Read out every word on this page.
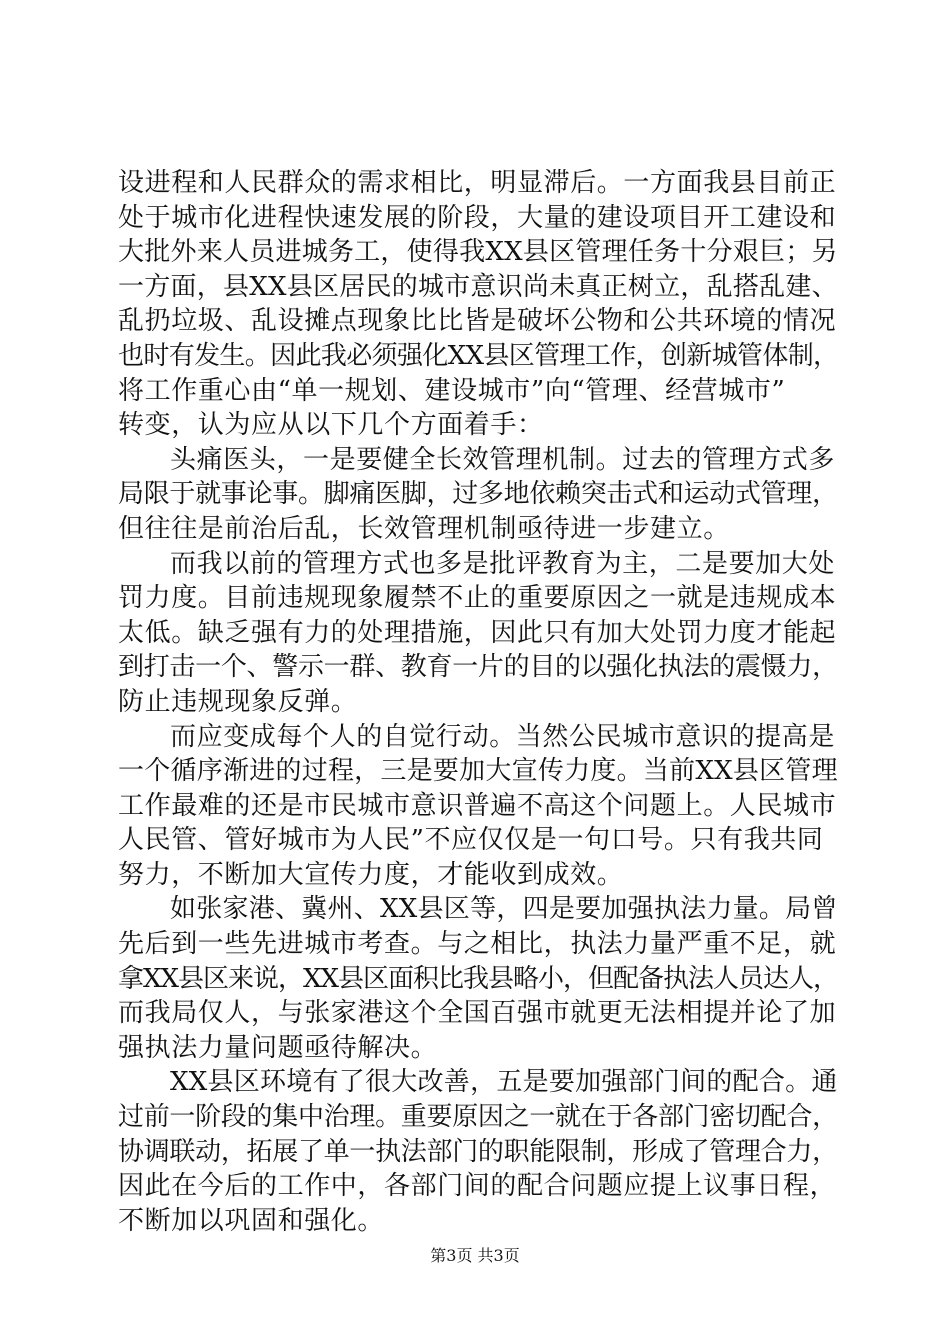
设进程和人民群众的需求相比，明显滞后。一方面我县目前正
处于城市化进程快速发展的阶段，大量的建设项目开工建设和
大批外来人员进城务工，使得我XX县区管理任务十分艰巨；另
一方面，县XX县区居民的城市意识尚未真正树立，乱搭乱建、
乱扔垃圾、乱设摊点现象比比皆是破坏公物和公共环境的情况
也时有发生。因此我必须强化XX县区管理工作，创新城管体制，
将工作重心由“单一规划、建设城市”向“管理、经营城市”
转变，认为应从以下几个方面着手：
头痛医头，一是要健全长效管理机制。过去的管理方式多
局限于就事论事。脚痛医脚，过多地依赖突击式和运动式管理，
但往往是前治后乱，长效管理机制亟待进一步建立。
而我以前的管理方式也多是批评教育为主，二是要加大处
罚力度。目前违规现象履禁不止的重要原因之一就是违规成本
太低。缺乏强有力的处理措施，因此只有加大处罚力度才能起
到打击一个、警示一群、教育一片的目的以强化执法的震慑力，
防止违规现象反弹。
而应变成每个人的自觉行动。当然公民城市意识的提高是
一个循序渐进的过程，三是要加大宣传力度。当前XX县区管理
工作最难的还是市民城市意识普遍不高这个问题上。人民城市
人民管、管好城市为人民”不应仅仅是一句口号。只有我共同
努力，不断加大宣传力度，才能收到成效。
如张家港、冀州、XX县区等，四是要加强执法力量。局曾
先后到一些先进城市考查。与之相比，执法力量严重不足，就
拿XX县区来说，XX县区面积比我县略小，但配备执法人员达人，
而我局仅人，与张家港这个全国百强市就更无法相提并论了加
强执法力量问题亟待解决。
XX县区环境有了很大改善，五是要加强部门间的配合。通
过前一阶段的集中治理。重要原因之一就在于各部门密切配合，
协调联动，拓展了单一执法部门的职能限制，形成了管理合力，
因此在今后的工作中，各部门间的配合问题应提上议事日程，
不断加以巩固和强化。
第3页 共3页
